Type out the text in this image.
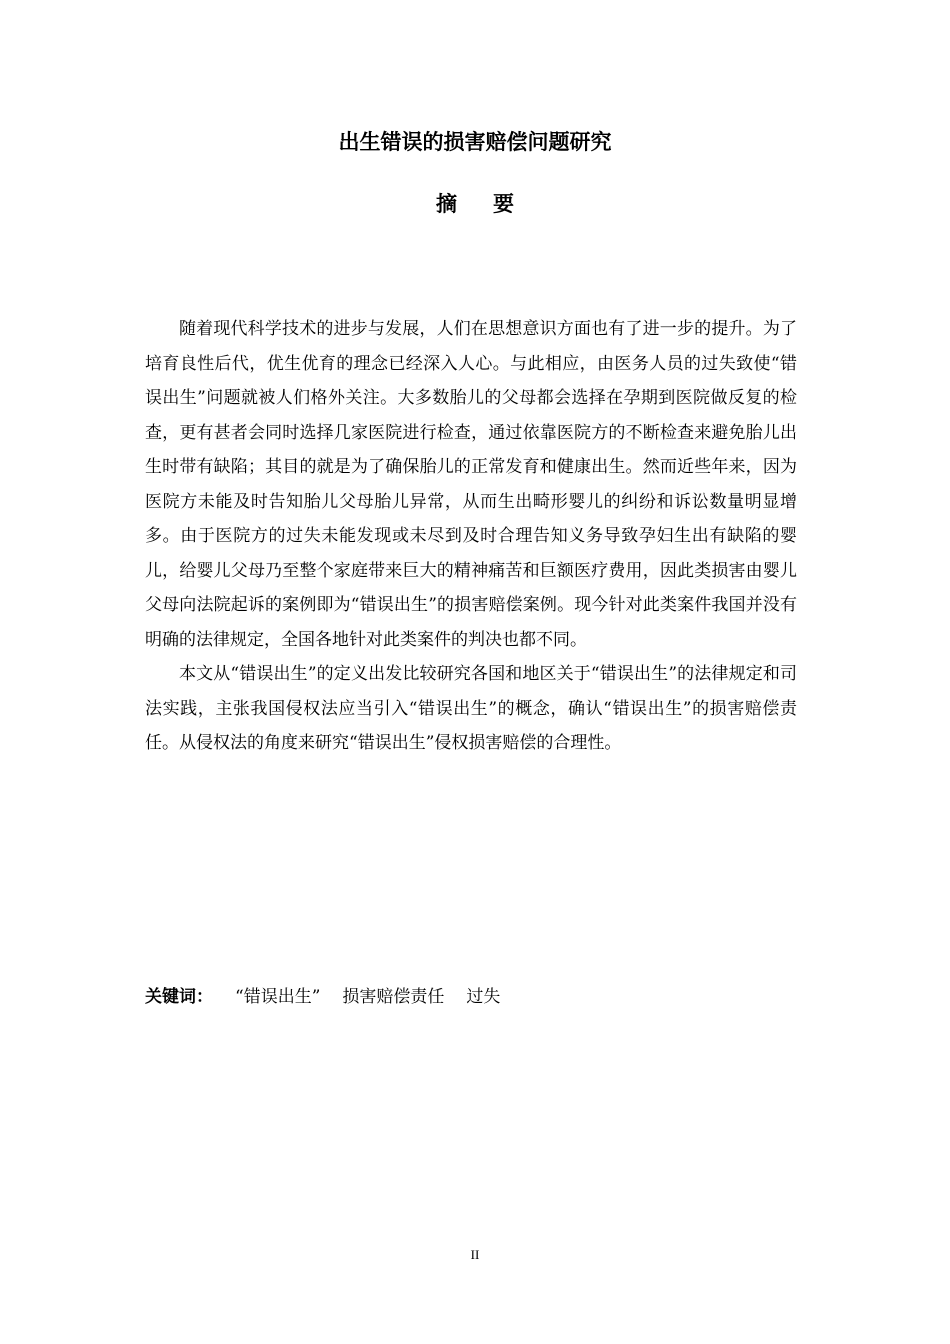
出生错误的损害赔偿问题研究
摘 要

随着现代科学技术的进步与发展，人们在思想意识方面也有了进一步的提升。为了培育良性后代，优生优育的理念已经深入人心。与此相应，由医务人员的过失致使“错误出生”问题就被人们格外关注。大多数胎儿的父母都会选择在孕期到医院做反复的检查，更有甚者会同时选择几家医院进行检查，通过依靠医院方的不断检查来避免胎儿出生时带有缺陷；其目的就是为了确保胎儿的正常发育和健康出生。然而近些年来，因为医院方未能及时告知胎儿父母胎儿异常，从而生出畸形婴儿的纠纷和诉讼数量明显增多。由于医院方的过失未能发现或未尽到及时合理告知义务导致孕妇生出有缺陷的婴儿，给婴儿父母乃至整个家庭带来巨大的精神痛苦和巨额医疗费用，因此类损害由婴儿父母向法院起诉的案例即为“错误出生”的损害赔偿案例。现今针对此类案件我国并没有明确的法律规定，全国各地针对此类案件的判决也都不同。

本文从“错误出生”的定义出发比较研究各国和地区关于“错误出生”的法律规定和司法实践，主张我国侵权法应当引入“错误出生”的概念，确认“错误出生”的损害赔偿责任。从侵权法的角度来研究“错误出生”侵权损害赔偿的合理性。

关键词： “错误出生” 损害赔偿责任 过失
II
